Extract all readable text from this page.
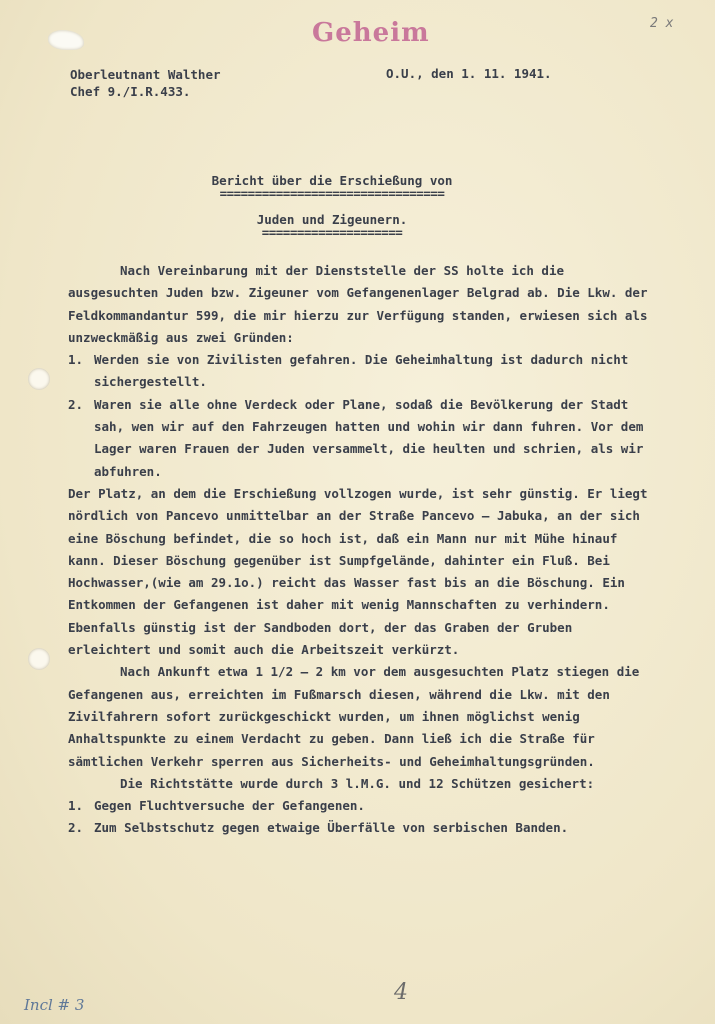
Geheim	2 x
Oberleutnant Walther
Chef 9./I.R.433.
O.U., den 1. 11. 1941.
Bericht über die Erschießung von
================================
Juden und Zigeunern.
====================

Nach Vereinbarung mit der Dienststelle der SS holte ich die ausgesuchten Juden bzw. Zigeuner vom Gefangenenlager Belgrad ab. Die Lkw. der Feldkommandantur 599, die mir hierzu zur Verfügung standen, erwiesen sich als unzweckmäßig aus zwei Gründen:

1. Werden sie von Zivilisten gefahren. Die Geheimhaltung ist dadurch nicht sichergestellt.
2. Waren sie alle ohne Verdeck oder Plane, sodaß die Bevölkerung der Stadt sah, wen wir auf den Fahrzeugen hatten und wohin wir dann fuhren. Vor dem Lager waren Frauen der Juden versammelt, die heulten und schrien, als wir abfuhren.

Der Platz, an dem die Erschießung vollzogen wurde, ist sehr günstig. Er liegt nördlich von Pancevo unmittelbar an der Straße Pancevo – Jabuka, an der sich eine Böschung befindet, die so hoch ist, daß ein Mann nur mit Mühe hinauf kann. Dieser Böschung gegenüber ist Sumpfgelände, dahinter ein Fluß. Bei Hochwasser,(wie am 29.1o.) reicht das Wasser fast bis an die Böschung. Ein Entkommen der Gefangenen ist daher mit wenig Mannschaften zu verhindern. Ebenfalls günstig ist der Sandboden dort, der das Graben der Gruben erleichtert und somit auch die Arbeitszeit verkürzt.

Nach Ankunft etwa 1 1/2 – 2 km vor dem ausgesuchten Platz stiegen die Gefangenen aus, erreichten im Fußmarsch diesen, während die Lkw. mit den Zivilfahrern sofort zurückgeschickt wurden, um ihnen möglichst wenig Anhaltspunkte zu einem Verdacht zu geben. Dann ließ ich die Straße für sämtlichen Verkehr sperren aus Sicherheits- und Geheimhaltungsgründen.

Die Richtstätte wurde durch 3 l.M.G. und 12 Schützen gesichert:

1. Gegen Fluchtversuche der Gefangenen.
2. Zum Selbstschutz gegen etwaige Überfälle von serbischen Banden.
4
Incl # 3
